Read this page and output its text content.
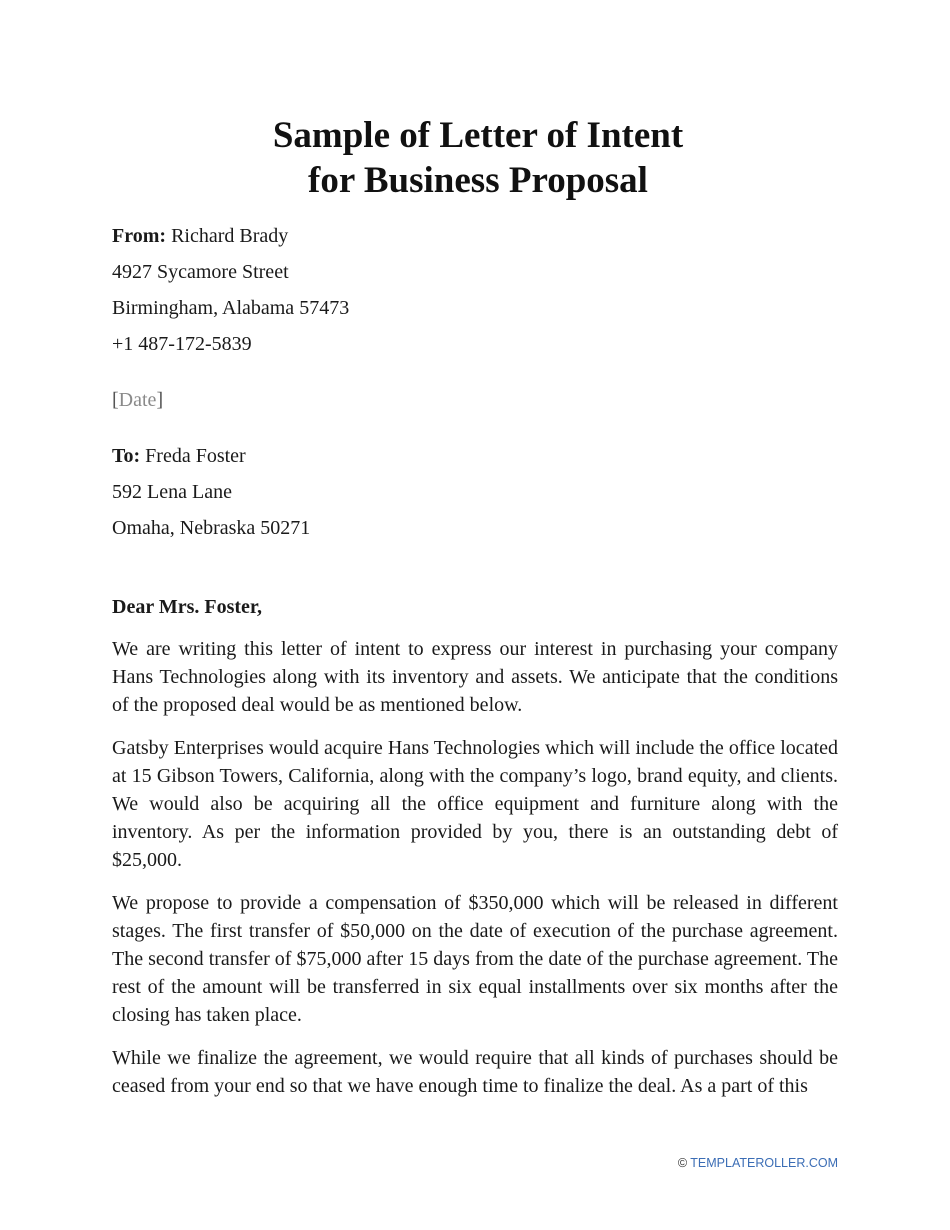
Sample of Letter of Intent
for Business Proposal

From: Richard Brady

4927 Sycamore Street

Birmingham, Alabama 57473

+1 487-172-5839

[Date]

To: Freda Foster

592 Lena Lane

Omaha, Nebraska 50271

Dear Mrs. Foster,

We are writing this letter of intent to express our interest in purchasing your company Hans Technologies along with its inventory and assets. We anticipate that the conditions of the proposed deal would be as mentioned below.

Gatsby Enterprises would acquire Hans Technologies which will include the office located at 15 Gibson Towers, California, along with the company’s logo, brand equity, and clients. We would also be acquiring all the office equipment and furniture along with the inventory. As per the information provided by you, there is an outstanding debt of $25,000.

We propose to provide a compensation of $350,000 which will be released in different stages. The first transfer of $50,000 on the date of execution of the purchase agreement. The second transfer of $75,000 after 15 days from the date of the purchase agreement. The rest of the amount will be transferred in six equal installments over six months after the closing has taken place.

While we finalize the agreement, we would require that all kinds of purchases should be ceased from your end so that we have enough time to finalize the deal. As a part of this

© TEMPLATEROLLER.COM
